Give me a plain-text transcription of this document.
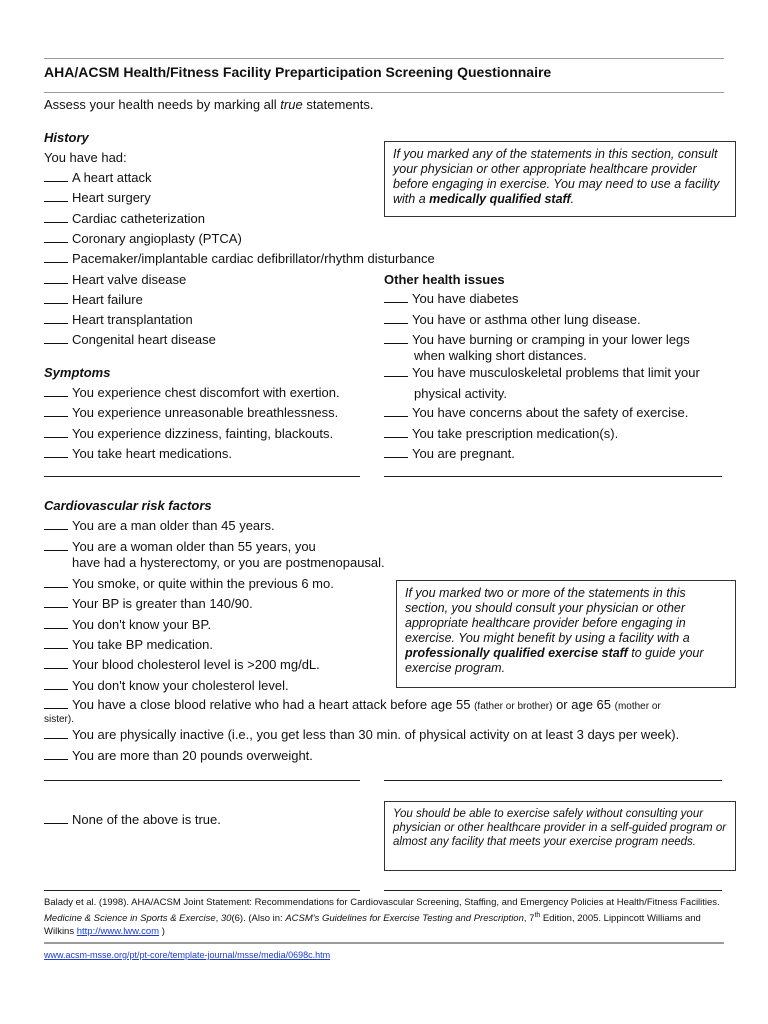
AHA/ACSM Health/Fitness Facility Preparticipation Screening Questionnaire
Assess your health needs by marking all true statements.
History
You have had:
A heart attack
Heart surgery
Cardiac catheterization
Coronary angioplasty (PTCA)
Pacemaker/implantable cardiac defibrillator/rhythm disturbance
Heart valve disease
Heart failure
Heart transplantation
Congenital heart disease
If you marked any of the statements in this section, consult your physician or other appropriate healthcare provider before engaging in exercise. You may need to use a facility with a medically qualified staff.
Symptoms
You experience chest discomfort with exertion.
You experience unreasonable breathlessness.
You experience dizziness, fainting, blackouts.
You take heart medications.
Other health issues
You have diabetes
You have or asthma other lung disease.
You have burning or cramping in your lower legs
when walking short distances.
You have musculoskeletal problems that limit your
physical activity.
You have concerns about the safety of exercise.
You take prescription medication(s).
You are pregnant.
Cardiovascular risk factors
You are a man older than 45 years.
You are a woman older than 55 years, you
have had a hysterectomy, or you are postmenopausal.
You smoke, or quite within the previous 6 mo.
Your BP is greater than 140/90.
You don't know your BP.
You take BP medication.
Your blood cholesterol level is >200 mg/dL.
You don't know your cholesterol level.
If you marked two or more of the statements in this section, you should consult your physician or other appropriate healthcare provider before engaging in exercise. You might benefit by using a facility with a professionally qualified exercise staff to guide your exercise program.
You have a close blood relative who had a heart attack before age 55 (father or brother) or age 65 (mother or
sister).
You are physically inactive (i.e., you get less than 30 min. of physical activity on at least 3 days per week).
You are more than 20 pounds overweight.
None of the above is true.	You should be able to exercise safely without consulting your physician or other healthcare provider in a self-guided program or almost any facility that meets your exercise program needs.
Balady et al. (1998). AHA/ACSM Joint Statement: Recommendations for Cardiovascular Screening, Staffing, and Emergency Policies at Health/Fitness Facilities. Medicine & Science in Sports & Exercise, 30(6). (Also in: ACSM's Guidelines for Exercise Testing and Prescription, 7th Edition, 2005. Lippincott Williams and Wilkins http://www.lww.com )
www.acsm-msse.org/pt/pt-core/template-journal/msse/media/0698c.htm
